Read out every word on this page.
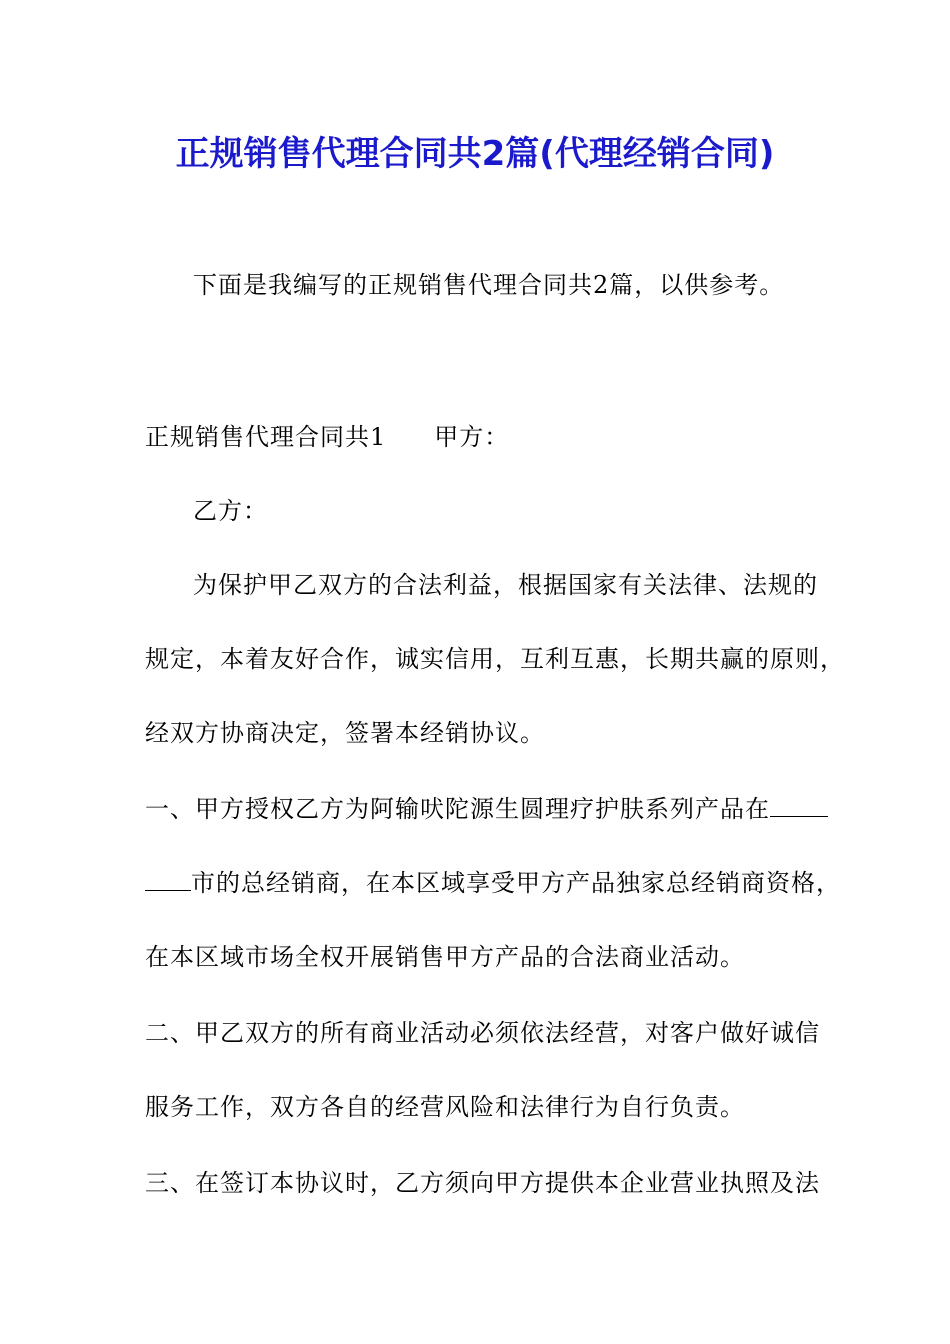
正规销售代理合同共2篇(代理经销合同)
下面是我编写的正规销售代理合同共2篇，以供参考。
正规销售代理合同共1 甲方：
乙方：
为保护甲乙双方的合法利益，根据国家有关法律、法规的
规定，本着友好合作，诚实信用，互利互惠，长期共赢的原则，
经双方协商决定，签署本经销协议。
一、甲方授权乙方为阿输吠陀源生圆理疗护肤系列产品在
市的总经销商，在本区域享受甲方产品独家总经销商资格，
在本区域市场全权开展销售甲方产品的合法商业活动。
二、甲乙双方的所有商业活动必须依法经营，对客户做好诚信
服务工作，双方各自的经营风险和法律行为自行负责。
三、在签订本协议时，乙方须向甲方提供本企业营业执照及法
